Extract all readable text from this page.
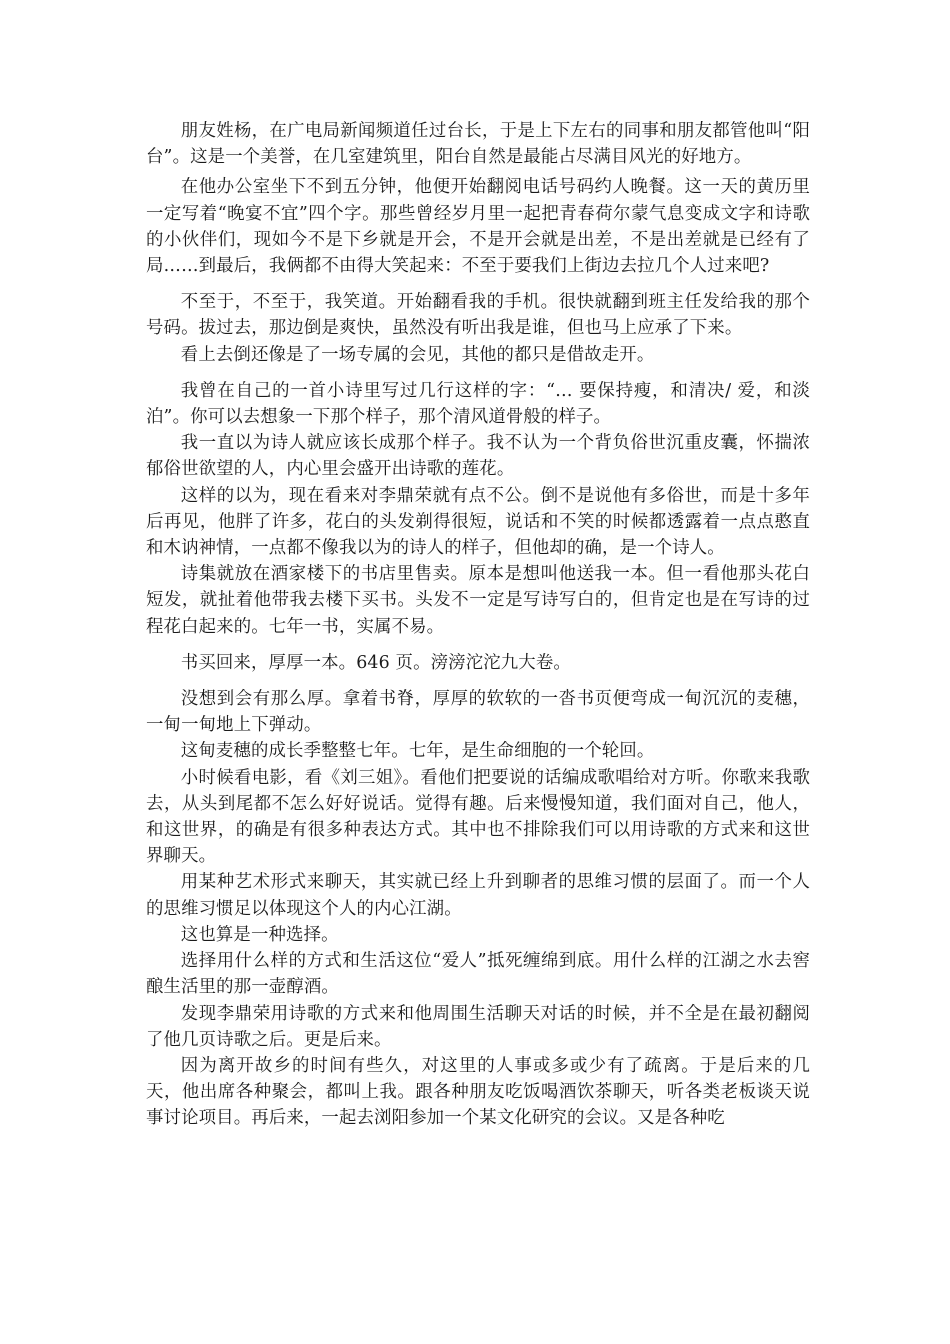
朋友姓杨，在广电局新闻频道任过台长，于是上下左右的同事和朋友都管他叫“阳台”。这是一个美誉，在几室建筑里，阳台自然是最能占尽满目风光的好地方。

在他办公室坐下不到五分钟，他便开始翻阅电话号码约人晚餐。这一天的黄历里一定写着“晚宴不宜”四个字。那些曾经岁月里一起把青春荷尔蒙气息变成文字和诗歌的小伙伴们，现如今不是下乡就是开会，不是开会就是出差，不是出差就是已经有了局……到最后，我俩都不由得大笑起来：不至于要我们上街边去拉几个人过来吧?

不至于，不至于，我笑道。开始翻看我的手机。很快就翻到班主任发给我的那个号码。拔过去，那边倒是爽快，虽然没有听出我是谁，但也马上应承了下来。

看上去倒还像是了一场专属的会见，其他的都只是借故走开。

我曾在自己的一首小诗里写过几行这样的字：“… 要保持瘦，和清决/ 爱，和淡泊”。你可以去想象一下那个样子，那个清风道骨般的样子。

我一直以为诗人就应该长成那个样子。我不认为一个背负俗世沉重皮囊，怀揣浓郁俗世欲望的人，内心里会盛开出诗歌的莲花。

这样的以为，现在看来对李鼎荣就有点不公。倒不是说他有多俗世，而是十多年后再见，他胖了许多，花白的头发剃得很短，说话和不笑的时候都透露着一点点憨直和木讷神情，一点都不像我以为的诗人的样子，但他却的确，是一个诗人。

诗集就放在酒家楼下的书店里售卖。原本是想叫他送我一本。但一看他那头花白短发，就扯着他带我去楼下买书。头发不一定是写诗写白的，但肯定也是在写诗的过程花白起来的。七年一书，实属不易。

书买回来，厚厚一本。646 页。滂滂沱沱九大卷。

没想到会有那么厚。拿着书脊，厚厚的软软的一沓书页便弯成一甸沉沉的麦穗，一甸一甸地上下弹动。

这甸麦穗的成长季整整七年。七年，是生命细胞的一个轮回。

小时候看电影，看《刘三姐》。看他们把要说的话编成歌唱给对方听。你歌来我歌去，从头到尾都不怎么好好说话。觉得有趣。后来慢慢知道，我们面对自己，他人，和这世界，的确是有很多种表达方式。其中也不排除我们可以用诗歌的方式来和这世界聊天。

用某种艺术形式来聊天，其实就已经上升到聊者的思维习惯的层面了。而一个人的思维习惯足以体现这个人的内心江湖。

这也算是一种选择。

选择用什么样的方式和生活这位“爱人”抵死缠绵到底。用什么样的江湖之水去窖酿生活里的那一壶醇酒。

发现李鼎荣用诗歌的方式来和他周围生活聊天对话的时候，并不全是在最初翻阅了他几页诗歌之后。更是后来。

因为离开故乡的时间有些久，对这里的人事或多或少有了疏离。于是后来的几天，他出席各种聚会，都叫上我。跟各种朋友吃饭喝酒饮茶聊天，听各类老板谈天说事讨论项目。再后来，一起去浏阳参加一个某文化研究的会议。又是各种吃
